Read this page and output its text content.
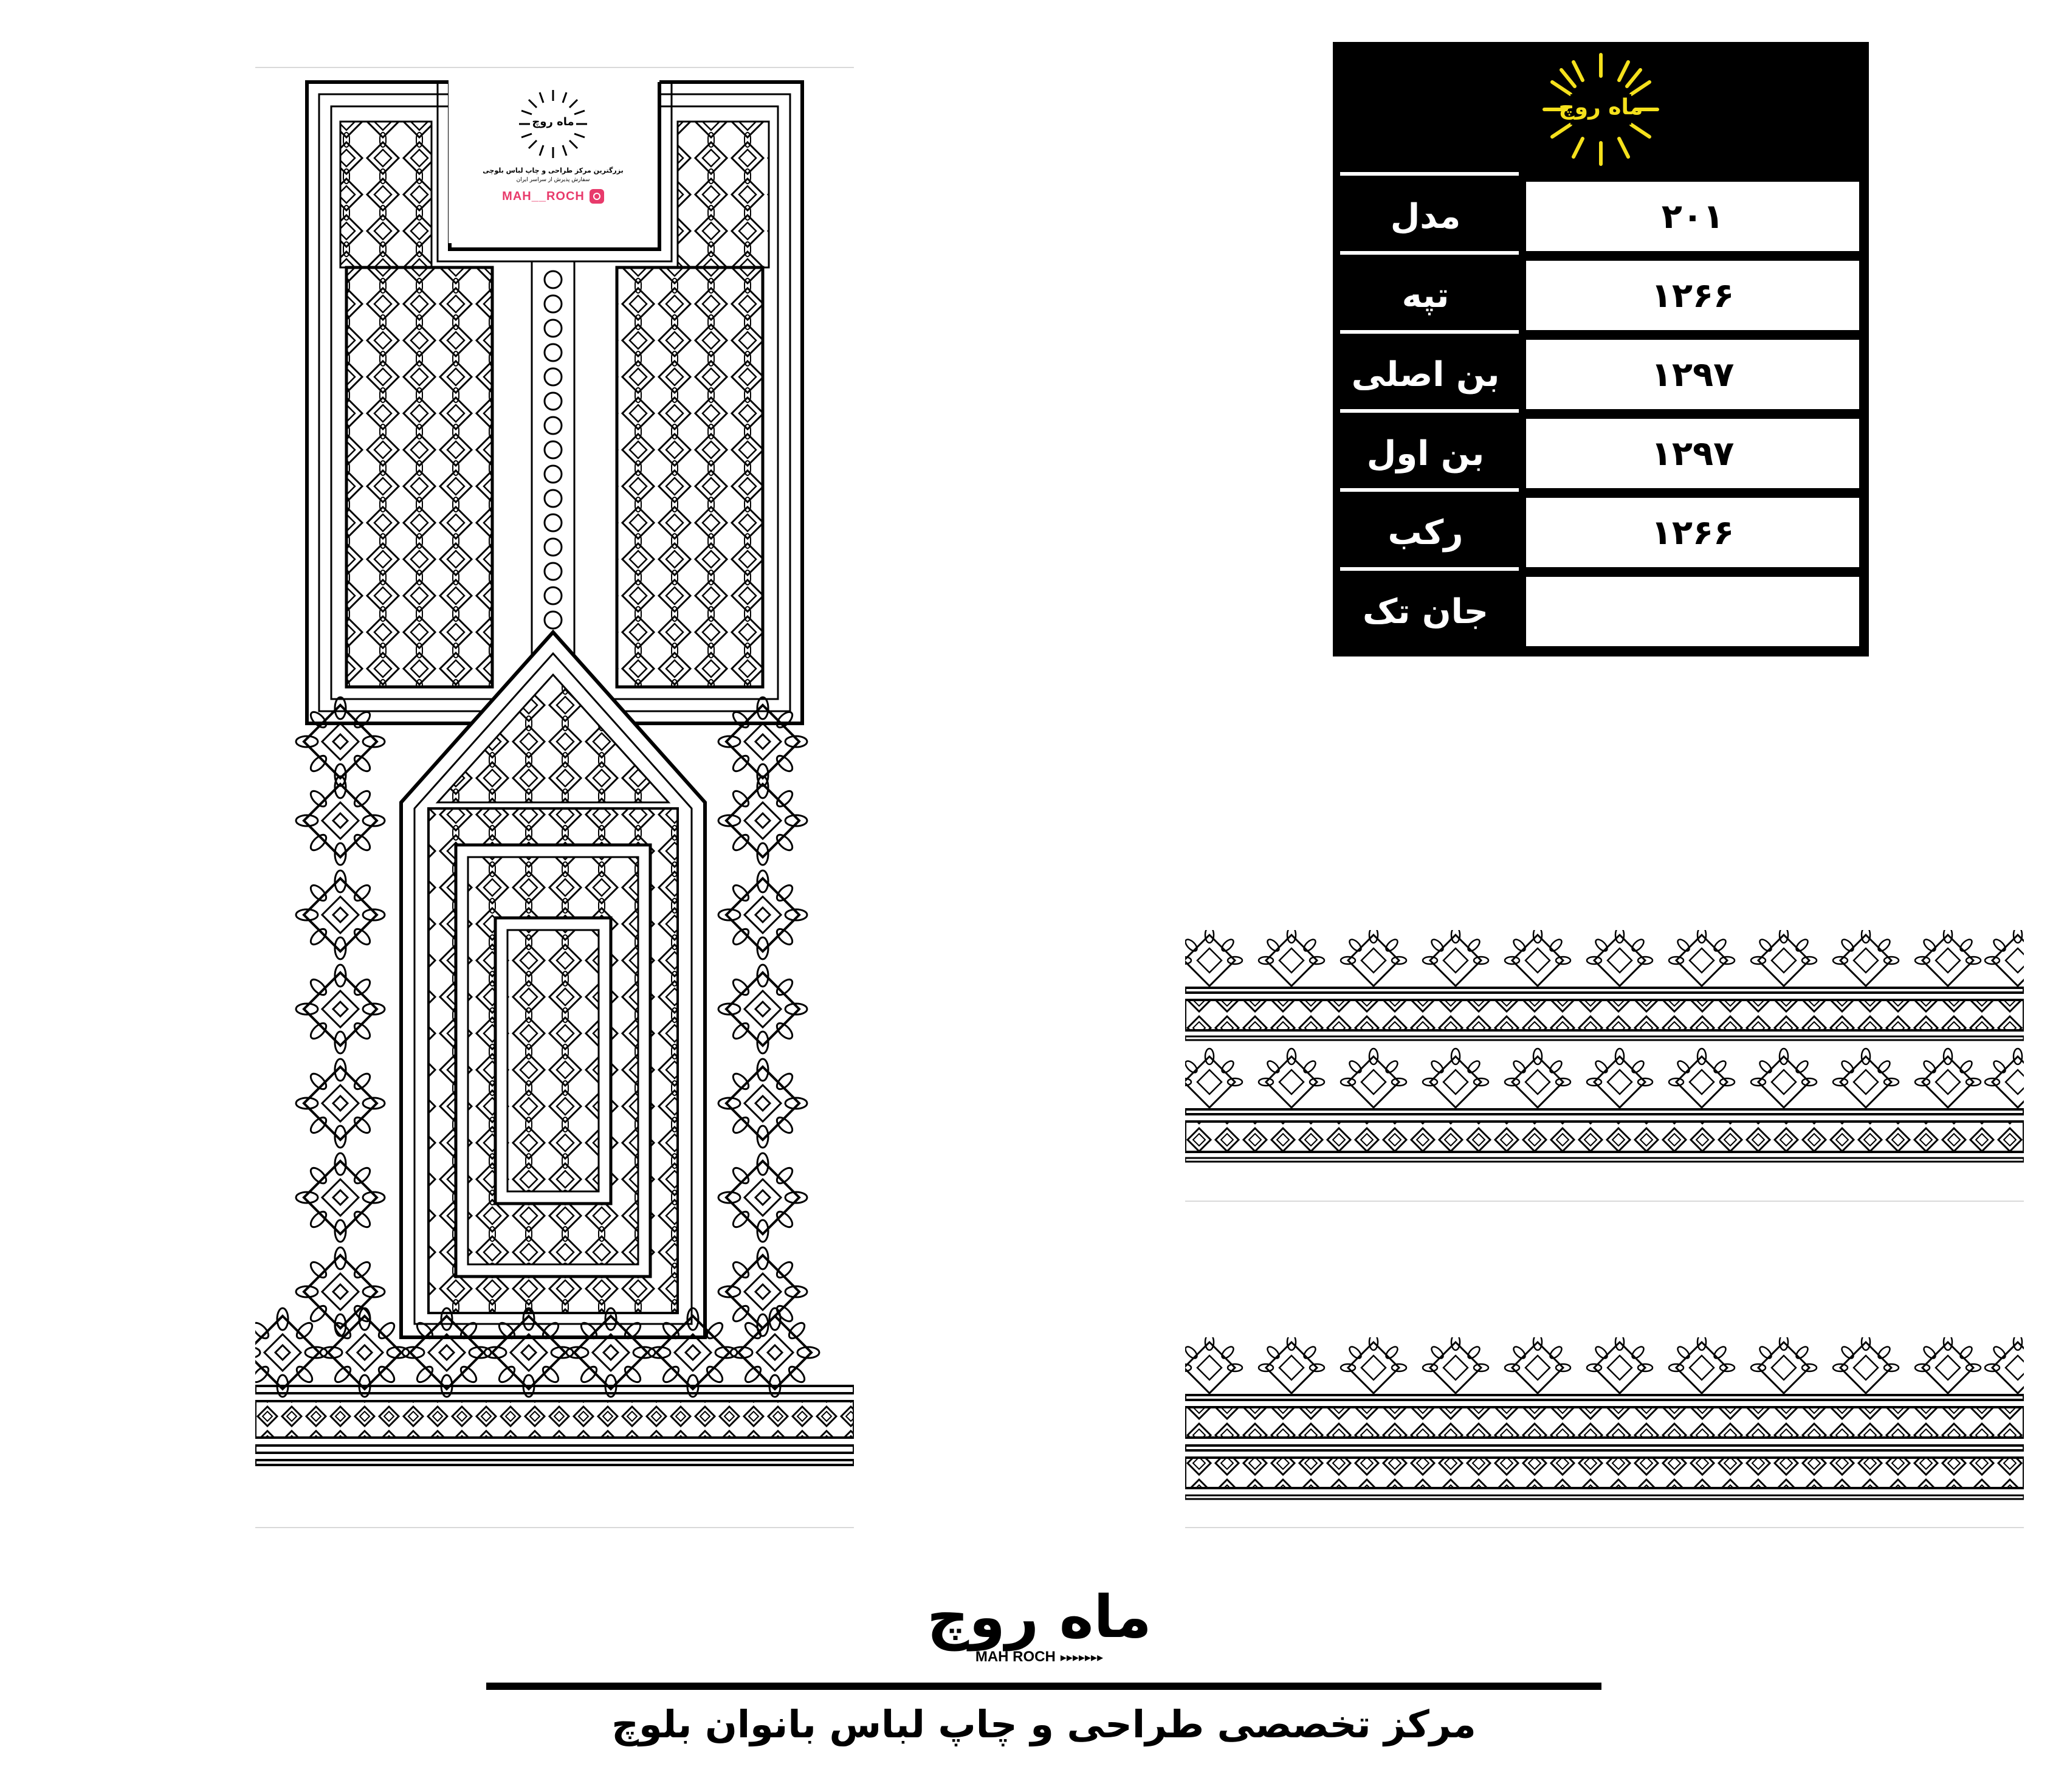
ماه روچ
بزرگترین مرکز طراحی و چاپ لباس بلوچی
سفارش پذیرش از سراسر ایران
MAH__ROCH
ماه روچ
مدل	۲۰۱
تپه	۱۲۶۶
بن اصلی	۱۲۹۷
بن اول	۱۲۹۷
رکب	۱۲۶۶
جان تک
ماه روچ
MAH ROCH ▸▸▸▸▸▸▸
مرکز تخصصی طراحی و چاپ لباس بانوان بلوچ
